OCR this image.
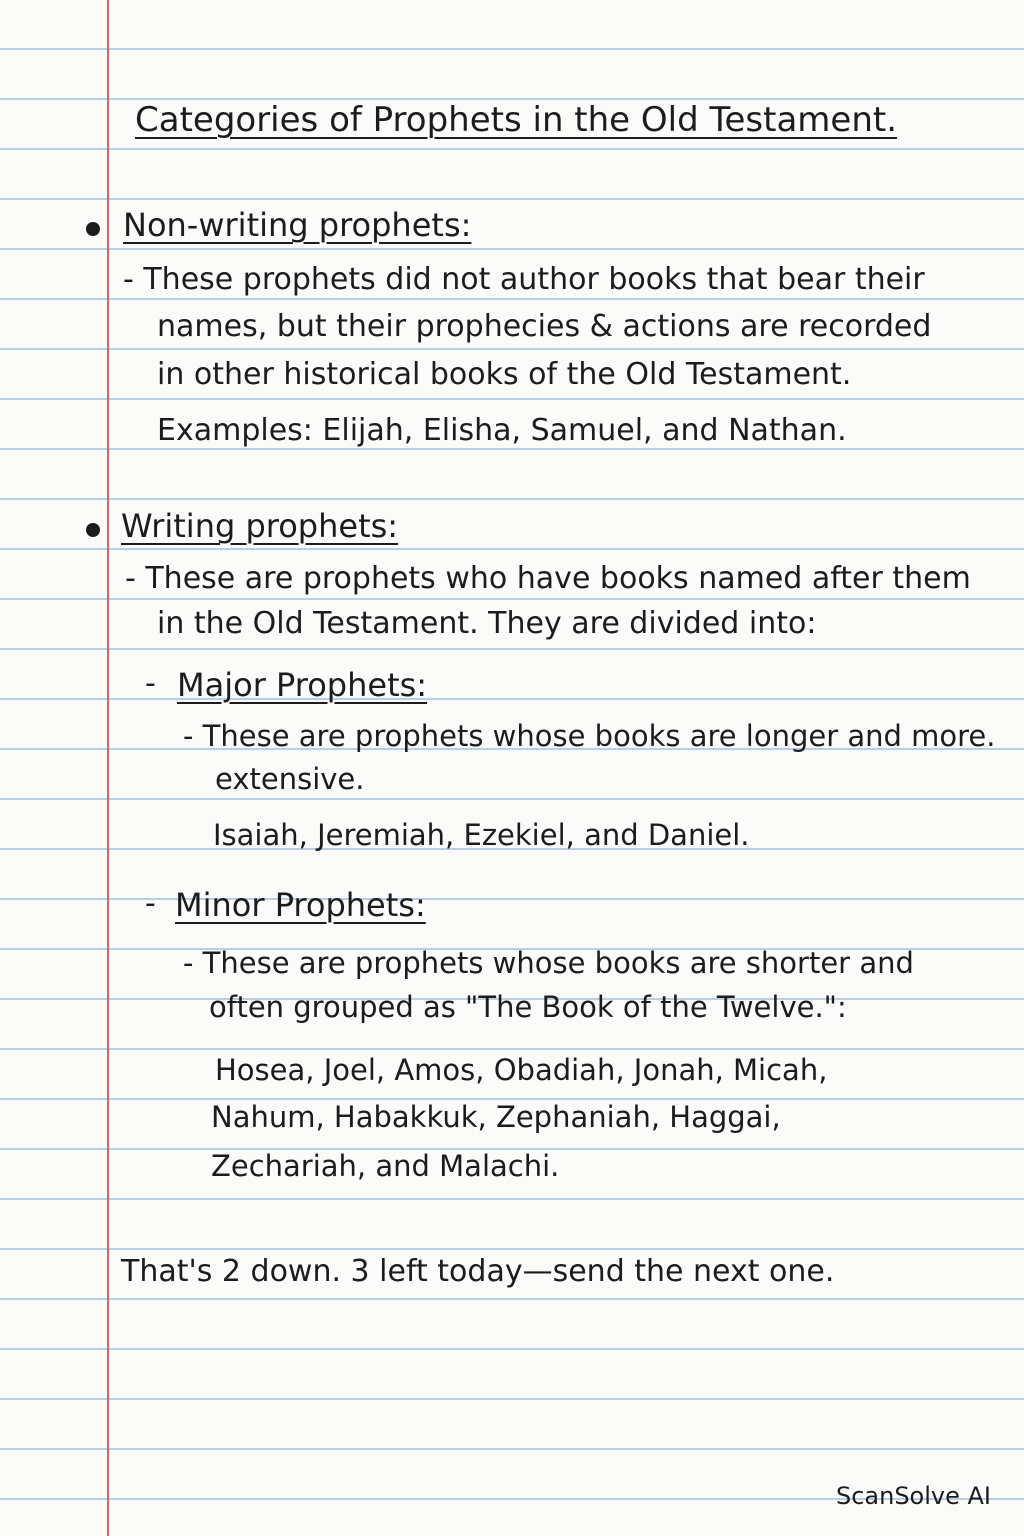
Categories of Prophets in the Old Testament.
Non-writing prophets:
- These prophets did not author books that bear their
names, but their prophecies & actions are recorded
in other historical books of the Old Testament.
Examples: Elijah, Elisha, Samuel, and Nathan.
Writing prophets:
- These are prophets who have books named after them
in the Old Testament. They are divided into:
- Major Prophets:
- These are prophets whose books are longer and more.
extensive.
Isaiah, Jeremiah, Ezekiel, and Daniel.
- Minor Prophets:
- These are prophets whose books are shorter and
often grouped as "The Book of the Twelve.":
Hosea, Joel, Amos, Obadiah, Jonah, Micah,
Nahum, Habakkuk, Zephaniah, Haggai,
Zechariah, and Malachi.
That's 2 down. 3 left today—send the next one.
ScanSolve AI
